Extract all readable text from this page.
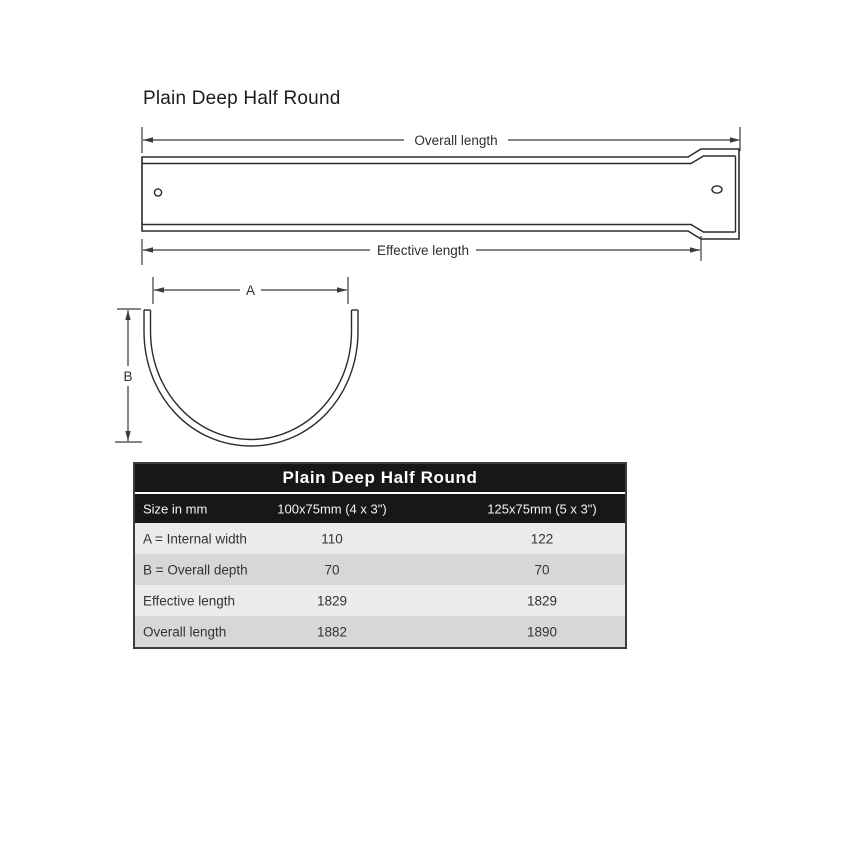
Plain Deep Half Round
Overall length
Effective length
A
B
Plain Deep Half Round
Size in mm	100x75mm (4 x 3")	125x75mm (5 x 3")
A = Internal width	110	122
B = Overall depth	70	70
Effective length	1829	1829
Overall length	1882	1890
